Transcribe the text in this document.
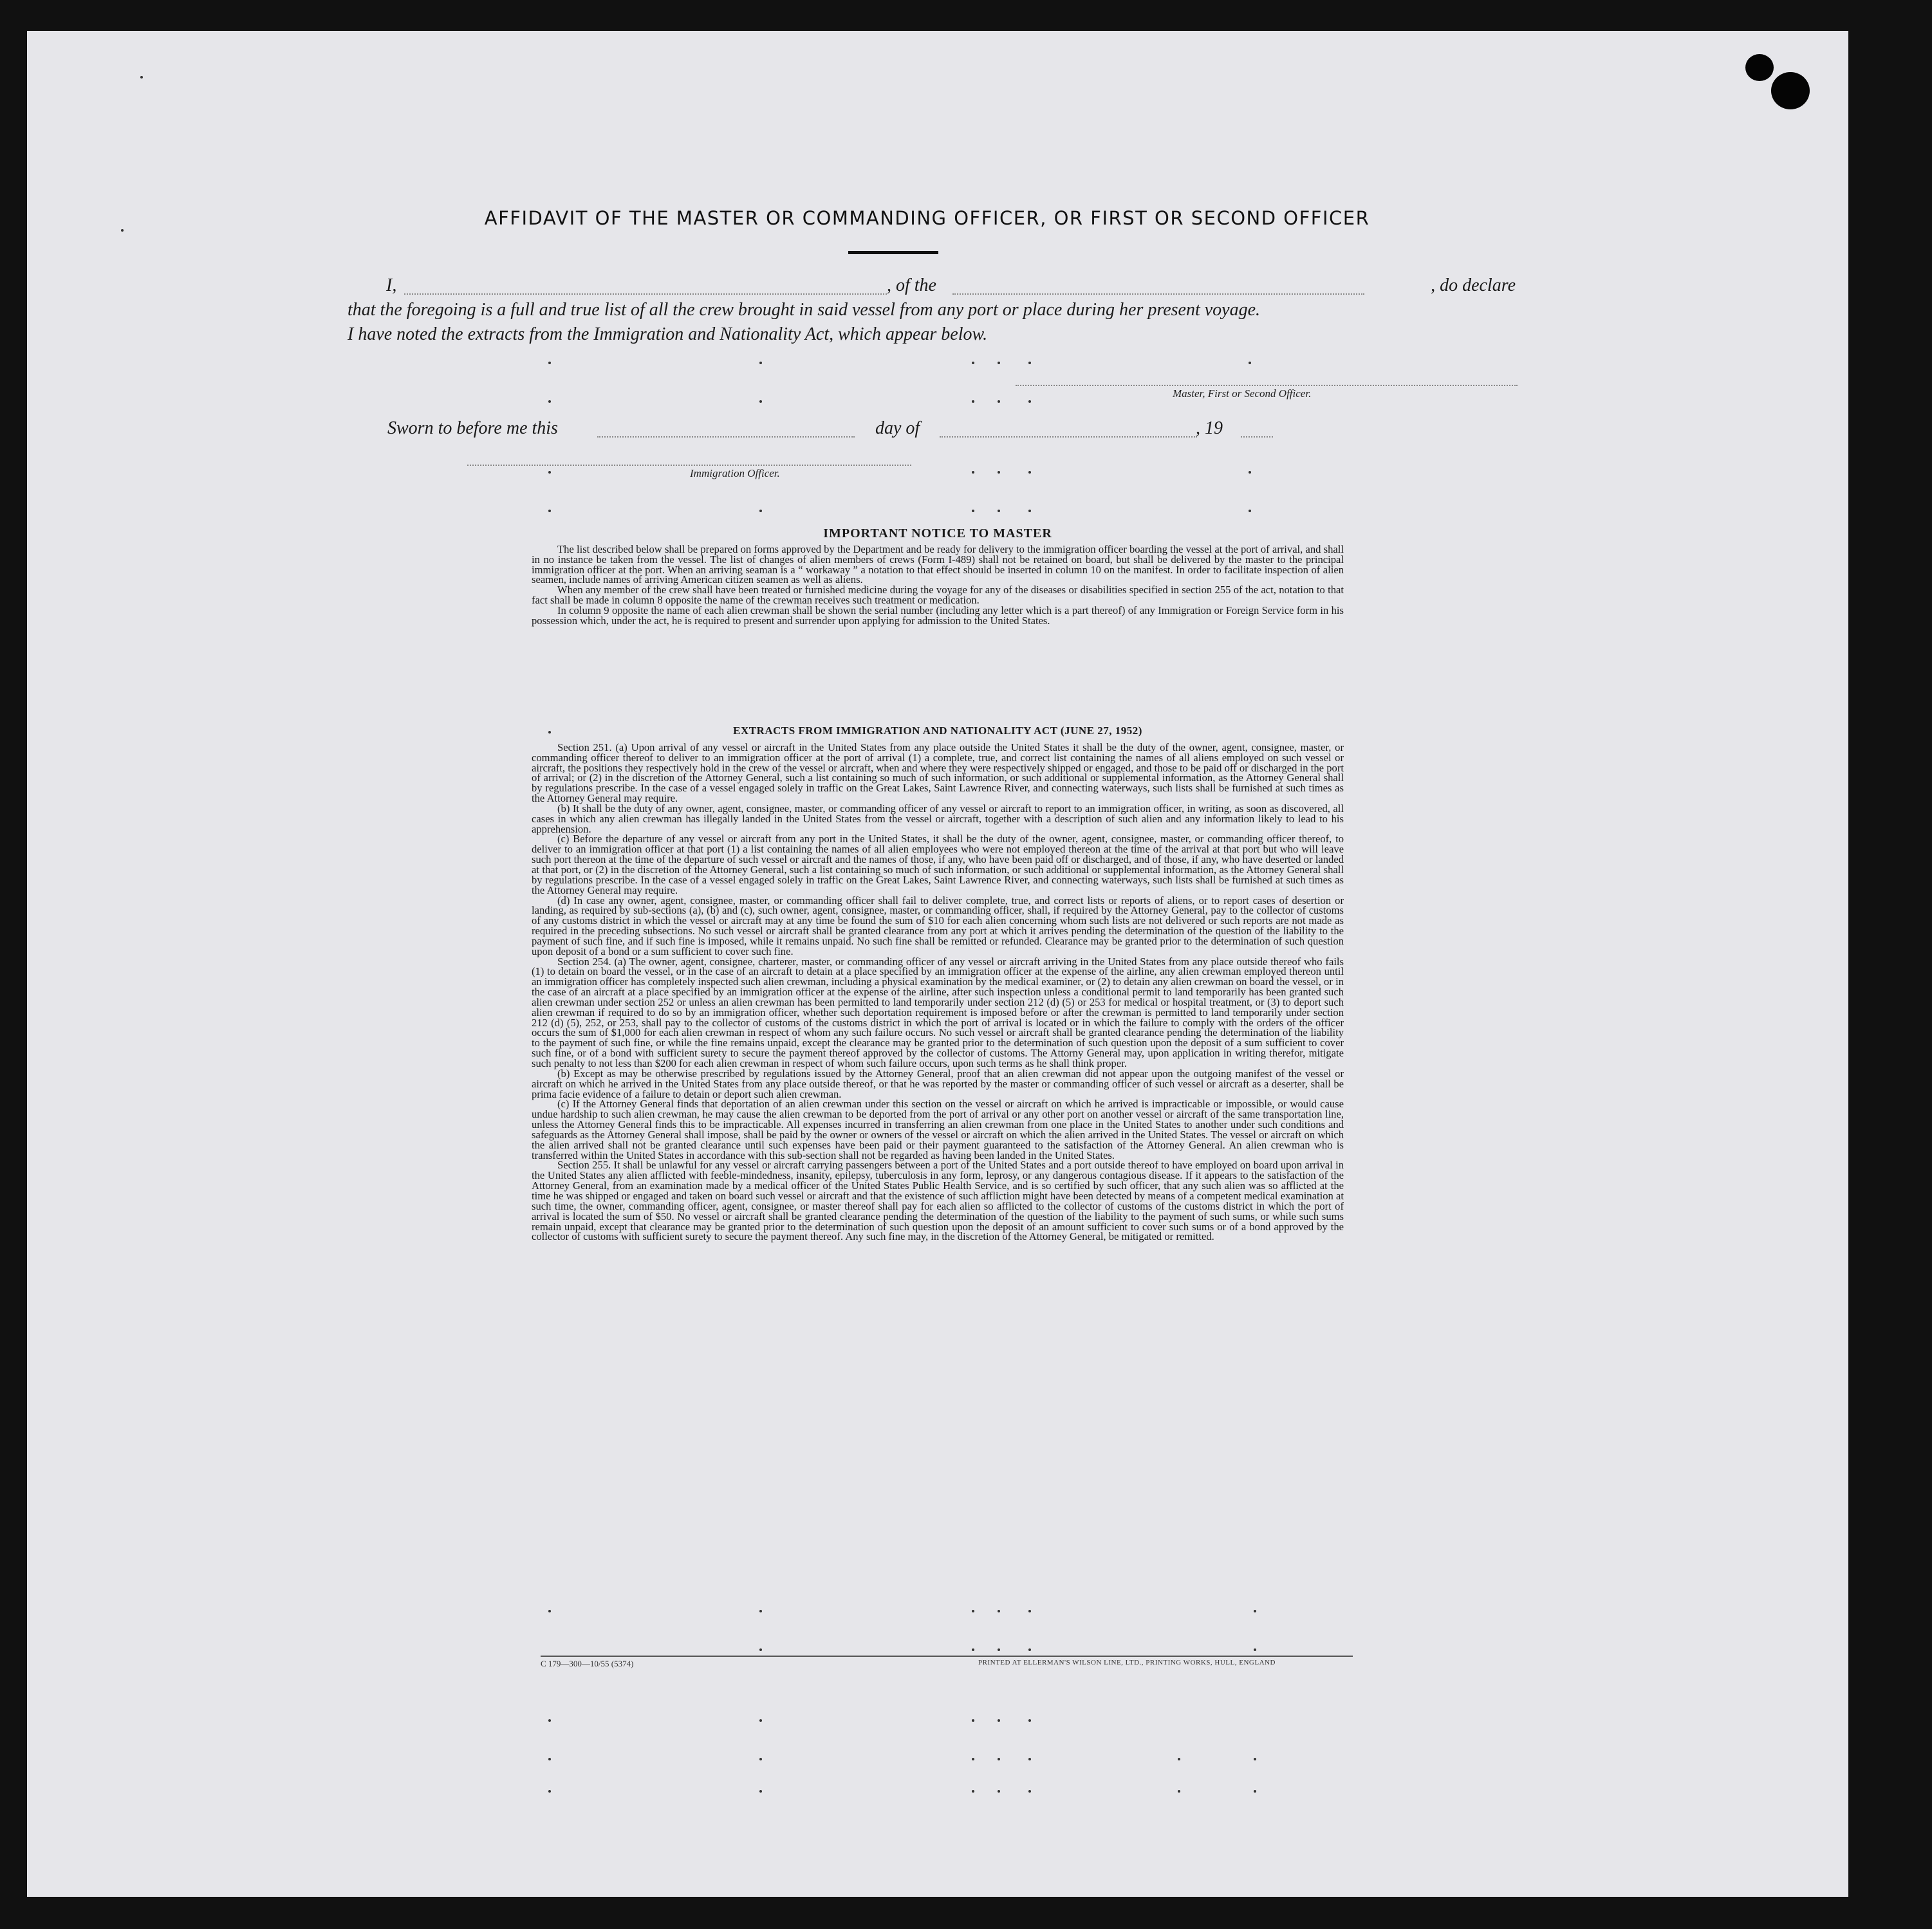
AFFIDAVIT OF THE MASTER OR COMMANDING OFFICER, OR FIRST OR SECOND OFFICER
I,	, of the	, do declare
that the foregoing is a full and true list of all the crew brought in said vessel from any port or place during her present voyage.
I have noted the extracts from the Immigration and Nationality Act, which appear below.
Master, First or Second Officer.
Sworn to before me this	day of	, 19
Immigration Officer.
IMPORTANT NOTICE TO MASTER

The list described below shall be prepared on forms approved by the Department and be ready for delivery to the immigration officer boarding the vessel at the port of arrival, and shall in no instance be taken from the vessel. The list of changes of alien members of crews (Form I-489) shall not be retained on board, but shall be delivered by the master to the principal immigration officer at the port. When an arriving seaman is a “ workaway ” a notation to that effect should be inserted in column 10 on the manifest. In order to facilitate inspection of alien seamen, include names of arriving American citizen seamen as well as aliens.

When any member of the crew shall have been treated or furnished medicine during the voyage for any of the diseases or disabilities specified in section 255 of the act, notation to that fact shall be made in column 8 opposite the name of the crewman receives such treatment or medication.

In column 9 opposite the name of each alien crewman shall be shown the serial number (including any letter which is a part thereof) of any Immigration or Foreign Service form in his possession which, under the act, he is required to present and surrender upon applying for admission to the United States.

EXTRACTS FROM IMMIGRATION AND NATIONALITY ACT (JUNE 27, 1952)

Section 251. (a) Upon arrival of any vessel or aircraft in the United States from any place outside the United States it shall be the duty of the owner, agent, consignee, master, or commanding officer thereof to deliver to an immigration officer at the port of arrival (1) a complete, true, and correct list containing the names of all aliens employed on such vessel or aircraft, the positions they respectively hold in the crew of the vessel or aircraft, when and where they were respectively shipped or engaged, and those to be paid off or discharged in the port of arrival; or (2) in the discretion of the Attorney General, such a list containing so much of such information, or such additional or supplemental information, as the Attorney General shall by regulations prescribe. In the case of a vessel engaged solely in traffic on the Great Lakes, Saint Lawrence River, and connecting waterways, such lists shall be furnished at such times as the Attorney General may require.

(b) It shall be the duty of any owner, agent, consignee, master, or commanding officer of any vessel or aircraft to report to an immigration officer, in writing, as soon as discovered, all cases in which any alien crewman has illegally landed in the United States from the vessel or aircraft, together with a description of such alien and any information likely to lead to his apprehension.

(c) Before the departure of any vessel or aircraft from any port in the United States, it shall be the duty of the owner, agent, consignee, master, or commanding officer thereof, to deliver to an immigration officer at that port (1) a list containing the names of all alien employees who were not employed thereon at the time of the arrival at that port but who will leave such port thereon at the time of the departure of such vessel or aircraft and the names of those, if any, who have been paid off or discharged, and of those, if any, who have deserted or landed at that port, or (2) in the discretion of the Attorney General, such a list containing so much of such information, or such additional or supplemental information, as the Attorney General shall by regulations prescribe. In the case of a vessel engaged solely in traffic on the Great Lakes, Saint Lawrence River, and connecting waterways, such lists shall be furnished at such times as the Attorney General may require.

(d) In case any owner, agent, consignee, master, or commanding officer shall fail to deliver complete, true, and correct lists or reports of aliens, or to report cases of desertion or landing, as required by sub-sections (a), (b) and (c), such owner, agent, consignee, master, or commanding officer, shall, if required by the Attorney General, pay to the collector of customs of any customs district in which the vessel or aircraft may at any time be found the sum of $10 for each alien concerning whom such lists are not delivered or such reports are not made as required in the preceding subsections. No such vessel or aircraft shall be granted clearance from any port at which it arrives pending the determination of the question of the liability to the payment of such fine, and if such fine is imposed, while it remains unpaid. No such fine shall be remitted or refunded. Clearance may be granted prior to the determination of such question upon deposit of a bond or a sum sufficient to cover such fine.

Section 254. (a) The owner, agent, consignee, charterer, master, or commanding officer of any vessel or aircraft arriving in the United States from any place outside thereof who fails (1) to detain on board the vessel, or in the case of an aircraft to detain at a place specified by an immigration officer at the expense of the airline, any alien crewman employed thereon until an immigration officer has completely inspected such alien crewman, including a physical examination by the medical examiner, or (2) to detain any alien crewman on board the vessel, or in the case of an aircraft at a place specified by an immigration officer at the expense of the airline, after such inspection unless a conditional permit to land temporarily has been granted such alien crewman under section 252 or unless an alien crewman has been permitted to land temporarily under section 212 (d) (5) or 253 for medical or hospital treatment, or (3) to deport such alien crewman if required to do so by an immigration officer, whether such deportation requirement is imposed before or after the crewman is permitted to land temporarily under section 212 (d) (5), 252, or 253, shall pay to the collector of customs of the customs district in which the port of arrival is located or in which the failure to comply with the orders of the officer occurs the sum of $1,000 for each alien crewman in respect of whom any such failure occurs. No such vessel or aircraft shall be granted clearance pending the determination of the liability to the payment of such fine, or while the fine remains unpaid, except the clearance may be granted prior to the determination of such question upon the deposit of a sum sufficient to cover such fine, or of a bond with sufficient surety to secure the payment thereof approved by the collector of customs. The Attorny General may, upon application in writing therefor, mitigate such penalty to not less than $200 for each alien crewman in respect of whom such failure occurs, upon such terms as he shall think proper.

(b) Except as may be otherwise prescribed by regulations issued by the Attorney General, proof that an alien crewman did not appear upon the outgoing manifest of the vessel or aircraft on which he arrived in the United States from any place outside thereof, or that he was reported by the master or commanding officer of such vessel or aircraft as a deserter, shall be prima facie evidence of a failure to detain or deport such alien crewman.

(c) If the Attorney General finds that deportation of an alien crewman under this section on the vessel or aircraft on which he arrived is impracticable or impossible, or would cause undue hardship to such alien crewman, he may cause the alien crewman to be deported from the port of arrival or any other port on another vessel or aircraft of the same transportation line, unless the Attorney General finds this to be impracticable. All expenses incurred in transferring an alien crewman from one place in the United States to another under such conditions and safeguards as the Attorney General shall impose, shall be paid by the owner or owners of the vessel or aircraft on which the alien arrived in the United States. The vessel or aircraft on which the alien arrived shall not be granted clearance until such expenses have been paid or their payment guaranteed to the satisfaction of the Attorney General. An alien crewman who is transferred within the United States in accordance with this sub-section shall not be regarded as having been landed in the United States.

Section 255. It shall be unlawful for any vessel or aircraft carrying passengers between a port of the United States and a port outside thereof to have employed on board upon arrival in the United States any alien afflicted with feeble-mindedness, insanity, epilepsy, tuberculosis in any form, leprosy, or any dangerous contagious disease. If it appears to the satisfaction of the Attorney General, from an examination made by a medical officer of the United States Public Health Service, and is so certified by such officer, that any such alien was so afflicted at the time he was shipped or engaged and taken on board such vessel or aircraft and that the existence of such affliction might have been detected by means of a competent medical examination at such time, the owner, commanding officer, agent, consignee, or master thereof shall pay for each alien so afflicted to the collector of customs of the customs district in which the port of arrival is located the sum of $50. No vessel or aircraft shall be granted clearance pending the determination of the question of the liability to the payment of such sums, or while such sums remain unpaid, except that clearance may be granted prior to the determination of such question upon the deposit of an amount sufficient to cover such sums or of a bond approved by the collector of customs with sufficient surety to secure the payment thereof. Any such fine may, in the discretion of the Attorney General, be mitigated or remitted.

C 179—300—10/55 (5374)	PRINTED AT ELLERMAN'S WILSON LINE, LTD., PRINTING WORKS, HULL, ENGLAND
